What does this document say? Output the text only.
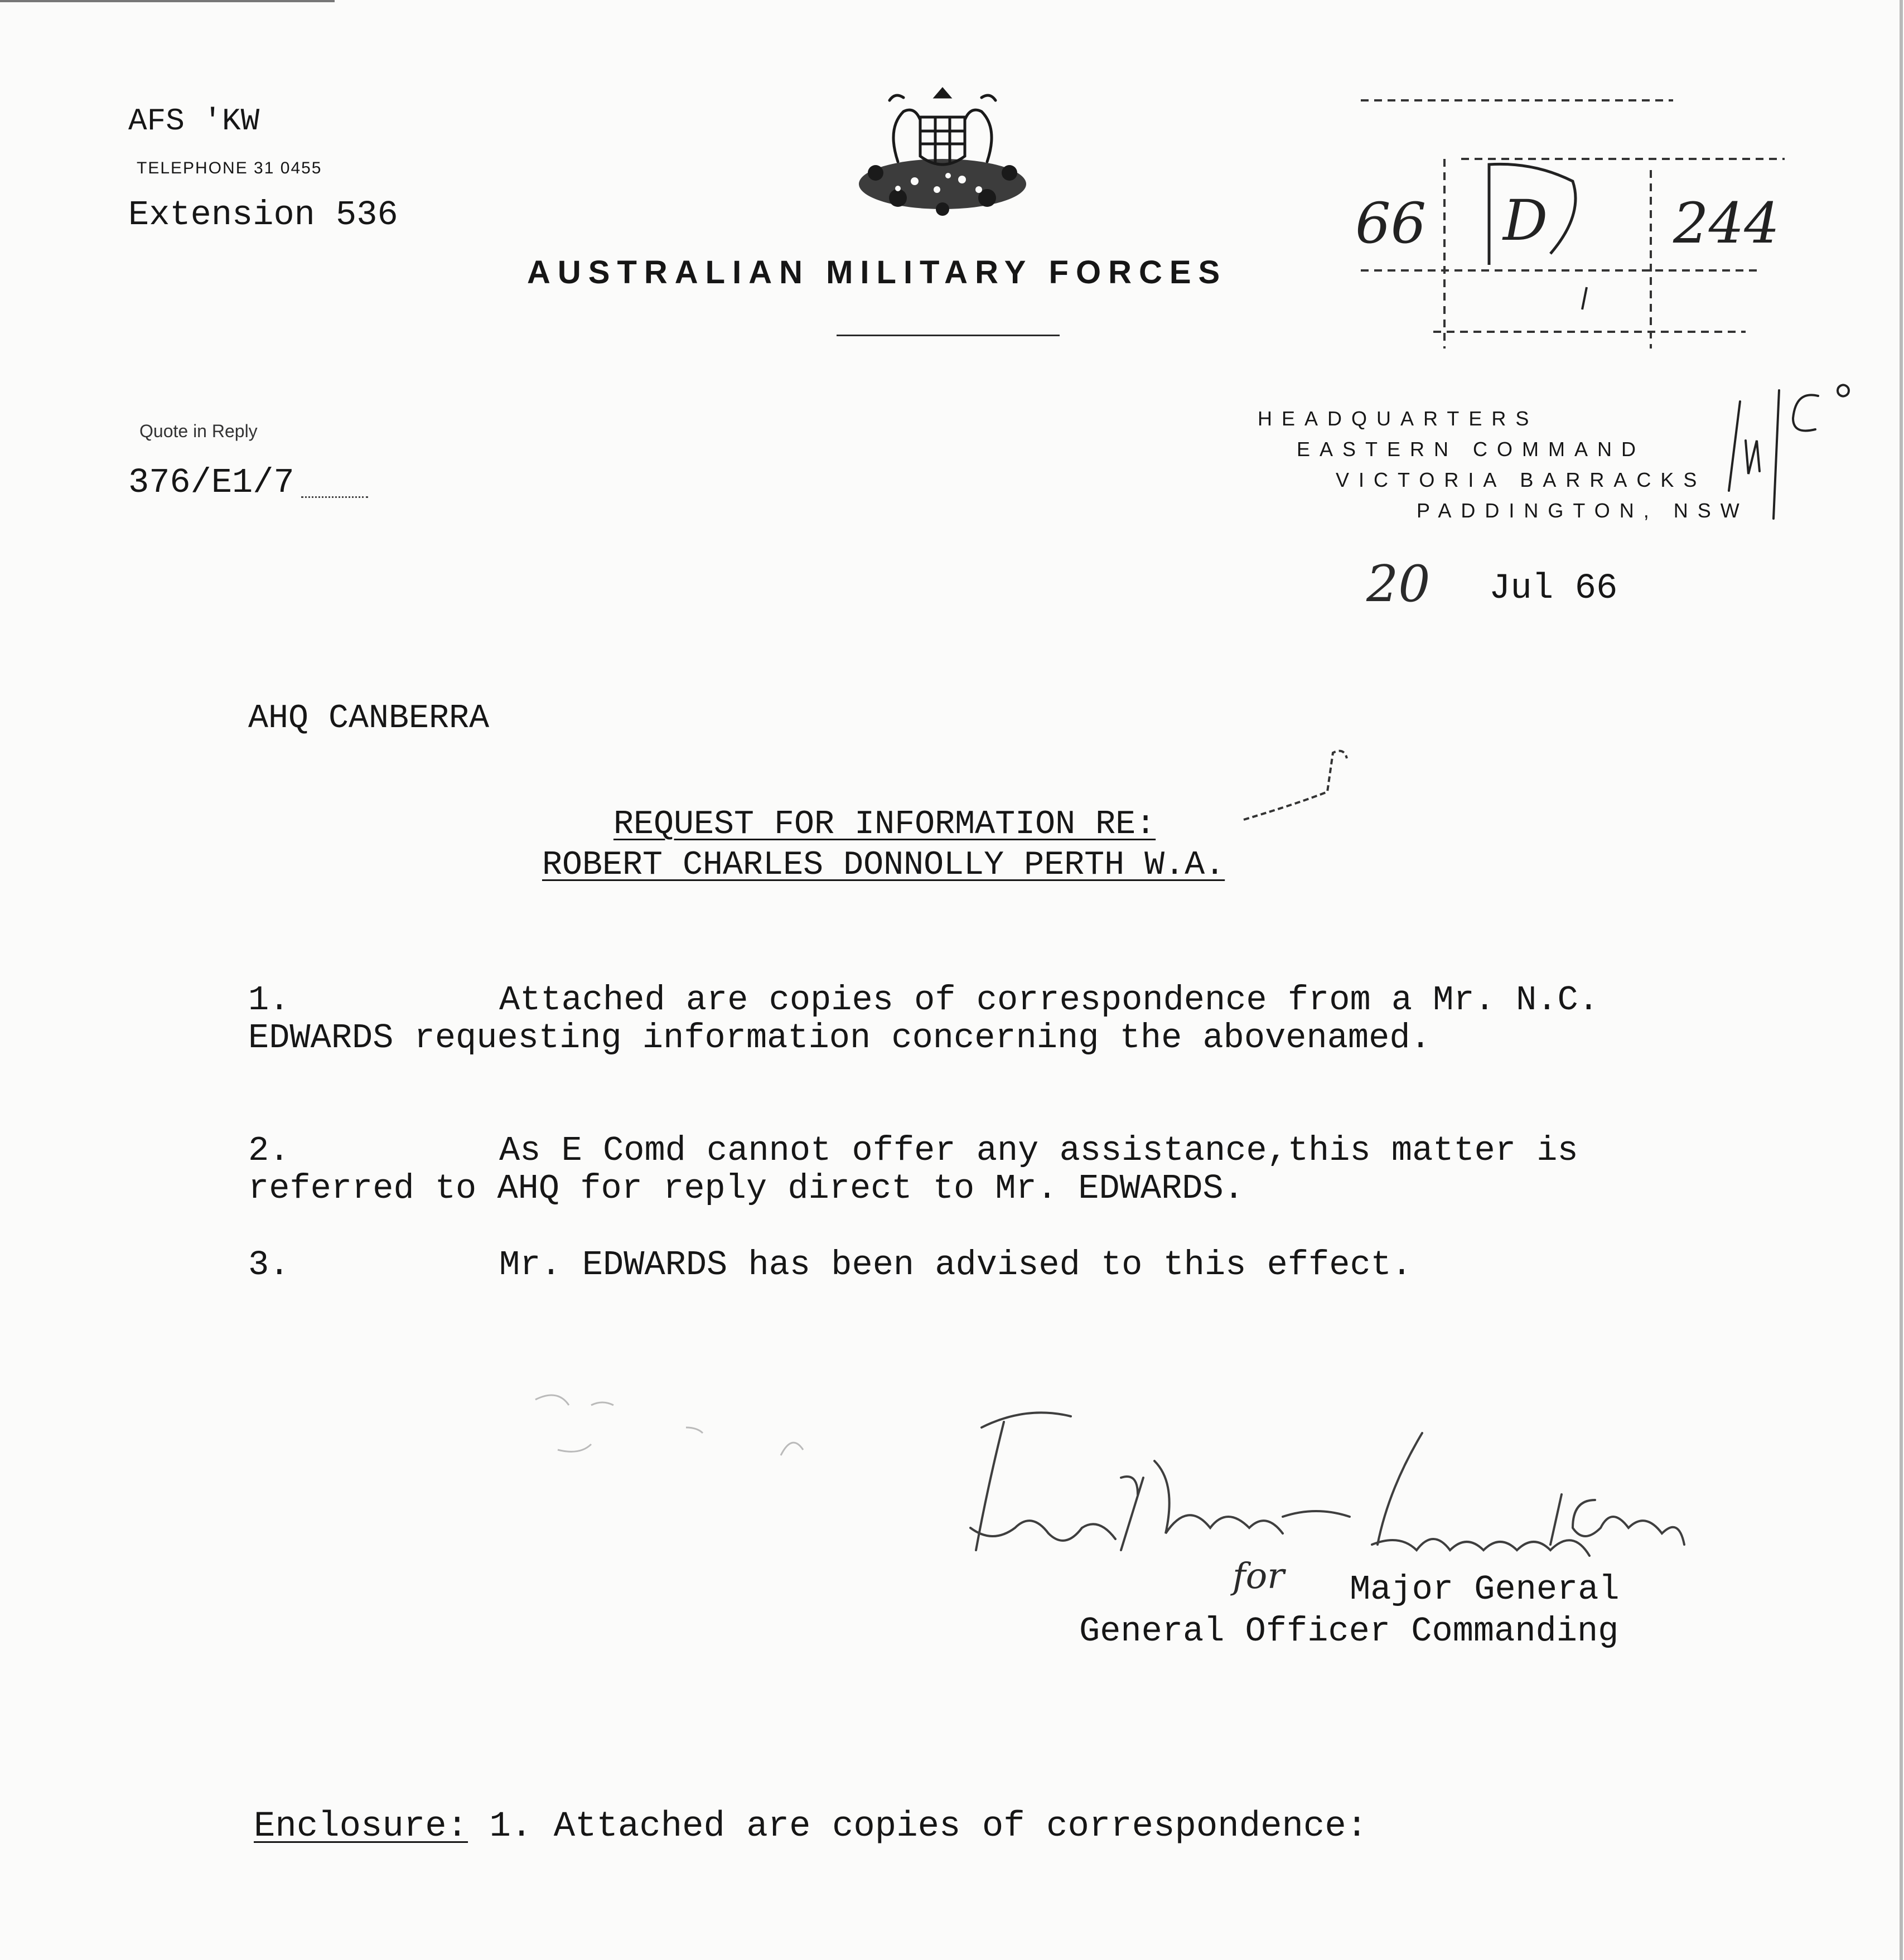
AFS 'KW
TELEPHONE 31 0455
Extension 536
AUSTRALIAN MILITARY FORCES
66 D 244
Quote in Reply
376/E1/7
HEADQUARTERS
EASTERN COMMAND
VICTORIA BARRACKS
PADDINGTON, NSW
20 Jul 66
AHQ CANBERRA
REQUEST FOR INFORMATION RE:
ROBERT CHARLES DONNOLLY PERTH W.A.
1.	Attached are copies of correspondence from a Mr. N.C. EDWARDS requesting information concerning the abovenamed.
2.	As E Comd cannot offer any assistance,this matter is referred to AHQ for reply direct to Mr. EDWARDS.
3.	Mr. EDWARDS has been advised to this effect.
for Major General
General Officer Commanding
Enclosure: 1. Attached are copies of correspondence:
